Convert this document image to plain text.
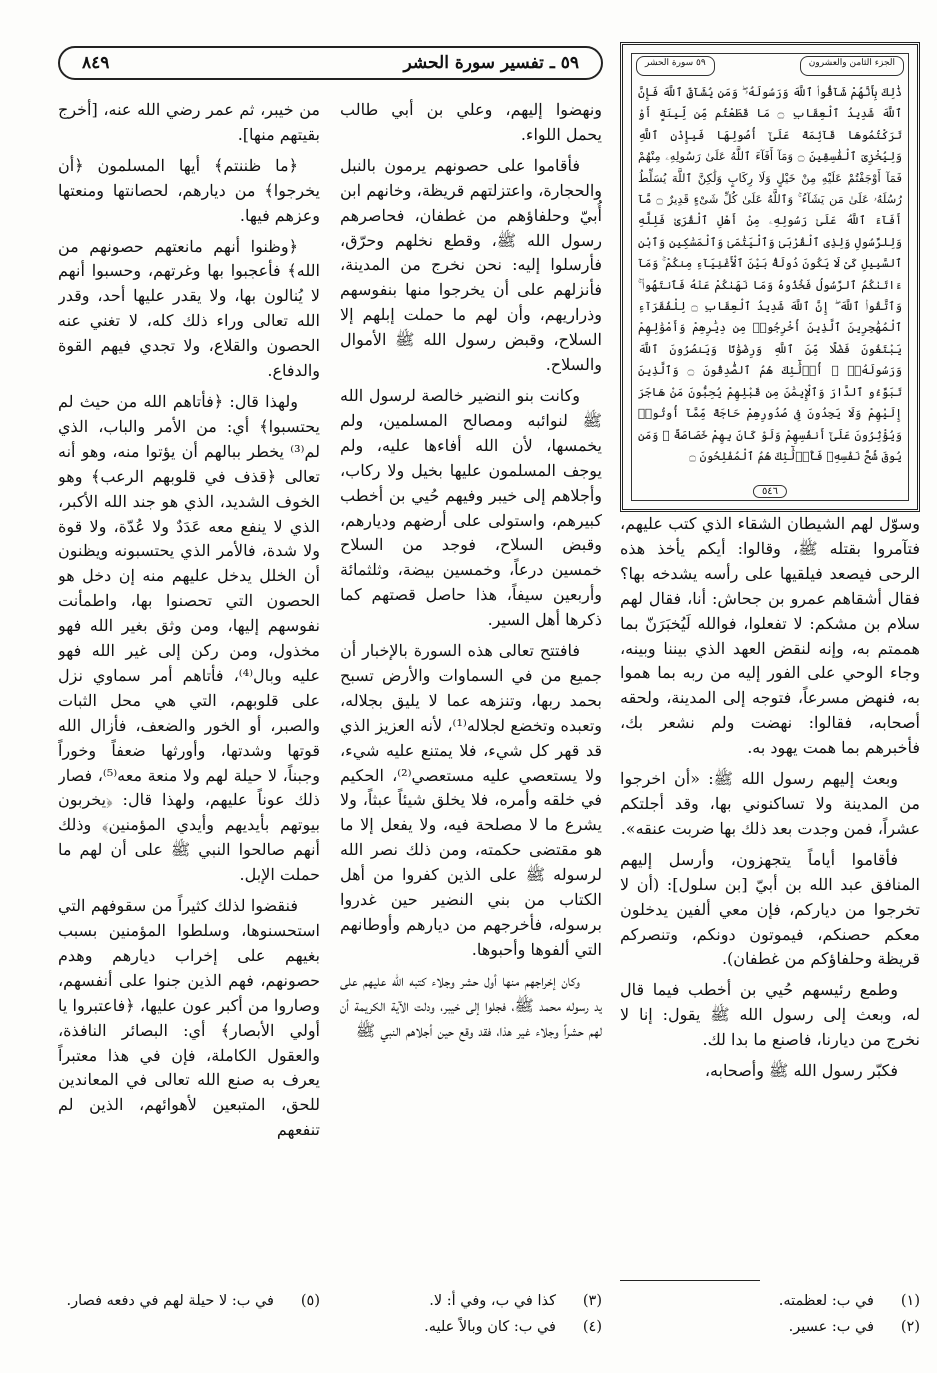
٨٤٩	٥٩ ـ تفسير سورة الحشر	الجزء الثامن والعشرون
٥٩ سورة الحشر
ذَٰلِكَ بِأَنَّهُمْ شَآقُّوا۟ ٱللَّهَ وَرَسُولَهُۥ ۖ وَمَن يُشَآقِّ ٱللَّهَ فَإِنَّ ٱللَّهَ شَدِيدُ ٱلْعِقَابِ ۝ مَا قَطَعْتُم مِّن لِّينَةٍ أَوْ تَرَكْتُمُوهَا قَآئِمَةً عَلَىٰٓ أُصُولِهَا فَبِإِذْنِ ٱللَّهِ وَلِيُخْزِىَ ٱلْفَٰسِقِينَ ۝ وَمَآ أَفَآءَ ٱللَّهُ عَلَىٰ رَسُولِهِۦ مِنْهُمْ فَمَآ أَوْجَفْتُمْ عَلَيْهِ مِنْ خَيْلٍ وَلَا رِكَابٍ وَلَٰكِنَّ ٱللَّهَ يُسَلِّطُ رُسُلَهُۥ عَلَىٰ مَن يَشَآءُ ۚ وَٱللَّهُ عَلَىٰ كُلِّ شَىْءٍ قَدِيرٌ ۝ مَّآ أَفَآءَ ٱللَّهُ عَلَىٰ رَسُولِهِۦ مِنْ أَهْلِ ٱلْقُرَىٰ فَلِلَّهِ وَلِلرَّسُولِ وَلِذِى ٱلْقُرْبَىٰ وَٱلْيَتَٰمَىٰ وَٱلْمَسَٰكِينِ وَٱبْنِ ٱلسَّبِيلِ كَىْ لَا يَكُونَ دُولَةًۢ بَيْنَ ٱلْأَغْنِيَآءِ مِنكُمْ ۚ وَمَآ ءَاتَىٰكُمُ ٱلرَّسُولُ فَخُذُوهُ وَمَا نَهَىٰكُمْ عَنْهُ فَٱنتَهُوا۟ ۚ وَٱتَّقُوا۟ ٱللَّهَ ۖ إِنَّ ٱللَّهَ شَدِيدُ ٱلْعِقَابِ ۝ لِلْفُقَرَآءِ ٱلْمُهَٰجِرِينَ ٱلَّذِينَ أُخْرِجُوا۟ مِن دِيَٰرِهِمْ وَأَمْوَٰلِهِمْ يَبْتَغُونَ فَضْلًا مِّنَ ٱللَّهِ وَرِضْوَٰنًا وَيَنصُرُونَ ٱللَّهَ وَرَسُولَهُۥٓ ۚ أُو۟لَٰٓئِكَ هُمُ ٱلصَّٰدِقُونَ ۝ وَٱلَّذِينَ تَبَوَّءُو ٱلدَّارَ وَٱلْإِيمَٰنَ مِن قَبْلِهِمْ يُحِبُّونَ مَنْ هَاجَرَ إِلَيْهِمْ وَلَا يَجِدُونَ فِى صُدُورِهِمْ حَاجَةً مِّمَّآ أُوتُوا۟ وَيُؤْثِرُونَ عَلَىٰٓ أَنفُسِهِمْ وَلَوْ كَانَ بِهِمْ خَصَاصَةٌ ۚ وَمَن يُوقَ شُحَّ نَفْسِهِۦ فَأُو۟لَٰٓئِكَ هُمُ ٱلْمُفْلِحُونَ ۝
٥٤٦

وسوّل لهم الشيطان الشقاء الذي كتب عليهم، فتآمروا بقتله ﷺ، وقالوا: أيكم يأخذ هذه الرحى فيصعد فيلقيها على رأسه يشدخه بها؟ فقال أشقاهم عمرو بن جحاش: أنا، فقال لهم سلام بن مشكم: لا تفعلوا، فوالله لَيُخبَرَنّ بما هممتم به، وإنه لنقض العهد الذي بيننا وبينه، وجاء الوحي على الفور إليه من ربه بما هموا به، فنهض مسرعاً، فتوجه إلى المدينة، ولحقه أصحابه، فقالوا: نهضت ولم نشعر بك، فأخبرهم بما همت يهود به.

وبعث إليهم رسول الله ﷺ: «أن اخرجوا من المدينة ولا تساكنوني بها، وقد أجلتكم عشراً، فمن وجدت بعد ذلك بها ضربت عنقه».

فأقاموا أياماً يتجهزون، وأرسل إليهم المنافق عبد الله بن أبيّ [بن سلول]: (أن لا تخرجوا من دياركم، فإن معي ألفين يدخلون معكم حصنكم، فيموتون دونكم، وتنصركم قريظة وحلفاؤكم من غطفان).

وطمع رئيسهم حُيي بن أخطب فيما قال له، وبعث إلى رسول الله ﷺ يقول: إنا لا نخرج من ديارنا، فاصنع ما بدا لك.

فكبّر رسول الله ﷺ وأصحابه،

ونهضوا إليهم، وعلي بن أبي طالب يحمل اللواء.

فأقاموا على حصونهم يرمون بالنبل والحجارة، واعتزلتهم قريظة، وخانهم ابن أُبيّ وحلفاؤهم من غطفان، فحاصرهم رسول الله ﷺ، وقطع نخلهم وحرّق، فأرسلوا إليه: نحن نخرج من المدينة، فأنزلهم على أن يخرجوا منها بنفوسهم وذراريهم، وأن لهم ما حملت إبلهم إلا السلاح، وقبض رسول الله ﷺ الأموال والسلاح.

وكانت بنو النضير خالصة لرسول الله ﷺ لنوائبه ومصالح المسلمين، ولم يخمسها، لأن الله أفاءها عليه، ولم يوجف المسلمون عليها بخيل ولا ركاب، وأجلاهم إلى خيبر وفيهم حُيي بن أخطب كبيرهم، واستولى على أرضهم وديارهم، وقبض السلاح، فوجد من السلاح خمسين درعاً، وخمسين بيضة، وثلثمائة وأربعين سيفاً، هذا حاصل قصتهم كما ذكرها أهل السير.

فافتتح تعالى هذه السورة بالإخبار أن جميع من في السماوات والأرض تسبح بحمد ربها، وتنزهه عما لا يليق بجلاله، وتعبده وتخضع لجلاله⁽¹⁾، لأنه العزيز الذي قد قهر كل شيء، فلا يمتنع عليه شيء، ولا يستعصي عليه مستعصي⁽²⁾، الحكيم في خلقه وأمره، فلا يخلق شيئاً عبثاً، ولا يشرع ما لا مصلحة فيه، ولا يفعل إلا ما هو مقتضى حكمته، ومن ذلك نصر الله لرسوله ﷺ على الذين كفروا من أهل الكتاب من بني النضير حين غدروا برسوله، فأخرجهم من ديارهم وأوطانهم التي ألفوها وأحبوها.

وكان إخراجهم منها أول حشر وجلاء كتبه الله عليهم على يد رسوله محمد ﷺ، فجلوا إلى خيبر، ودلت الآية الكريمة أن لهم حشراً وجلاء غير هذا، فقد وقع حين أجلاهم النبي ﷺ

من خيبر، ثم عمر رضي الله عنه، [أخرج بقيتهم منها].

﴿ما ظننتم﴾ أيها المسلمون ﴿أن يخرجوا﴾ من ديارهم، لحصانتها ومنعتها وعزهم فيها.

﴿وظنوا أنهم مانعتهم حصونهم من الله﴾ فأعجبوا بها وغرتهم، وحسبوا أنهم لا يُنالون بها، ولا يقدر عليها أحد، وقدر الله تعالى وراء ذلك كله، لا تغني عنه الحصون والقلاع، ولا تجدي فيهم القوة والدفاع.

ولهذا قال: ﴿فأتاهم الله من حيث لم يحتسبوا﴾ أي: من الأمر والباب، الذي لم⁽³⁾ يخطر ببالهم أن يؤتوا منه، وهو أنه تعالى ﴿قذف في قلوبهم الرعب﴾ وهو الخوف الشديد، الذي هو جند الله الأكبر، الذي لا ينفع معه عَدَدٌ ولا عُدّة، ولا قوة ولا شدة، فالأمر الذي يحتسبونه ويظنون أن الخلل يدخل عليهم منه إن دخل هو الحصون التي تحصنوا بها، واطمأنت نفوسهم إليها، ومن وثق بغير الله فهو مخذول، ومن ركن إلى غير الله فهو عليه وبال⁽⁴⁾، فأتاهم أمر سماوي نزل على قلوبهم، التي هي محل الثبات والصبر، أو الخور والضعف، فأزال الله قوتها وشدتها، وأورثها ضعفاً وخوراً وجبناً، لا حيلة لهم ولا منعة معه⁽⁵⁾، فصار ذلك عوناً عليهم، ولهذا قال: ﴿يخربون بيوتهم بأيديهم وأيدي المؤمنين﴾ وذلك أنهم صالحوا النبي ﷺ على أن لهم ما حملت الإبل.

فنقضوا لذلك كثيراً من سقوفهم التي استحسنوها، وسلطوا المؤمنين بسبب بغيهم على إخراب ديارهم وهدم حصونهم، فهم الذين جنوا على أنفسهم، وصاروا من أكبر عون عليها، ﴿فاعتبروا يا أولي الأبصار﴾ أي: البصائر النافذة، والعقول الكاملة، فإن في هذا معتبراً يعرف به صنع الله تعالى في المعاندين للحق، المتبعين لأهوائهم، الذين لم تنفعهم

(١)في ب: لعظمته.
(٢)في ب: عسير.
(٣)كذا في ب، وفي أ: لا.
(٤)في ب: كان وبالاً عليه.
(٥)في ب: لا حيلة لهم في دفعه فصار.
